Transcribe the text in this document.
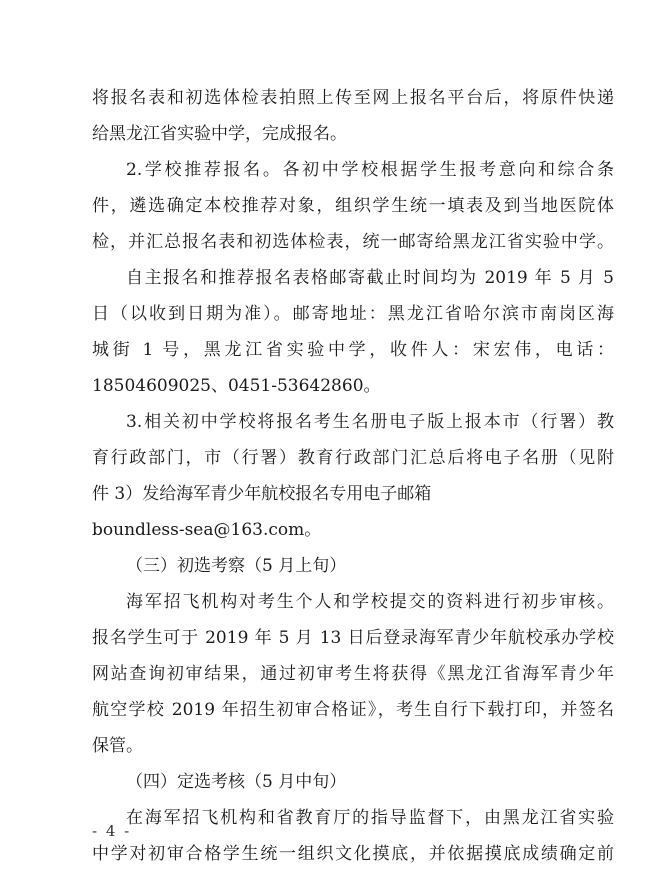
将报名表和初选体检表拍照上传至网上报名平台后，将原件快递
给黑龙江省实验中学，完成报名。
2.学校推荐报名。各初中学校根据学生报考意向和综合条
件，遴选确定本校推荐对象，组织学生统一填表及到当地医院体
检，并汇总报名表和初选体检表，统一邮寄给黑龙江省实验中学。
自主报名和推荐报名表格邮寄截止时间均为 2019 年 5 月 5
日（以收到日期为准）。邮寄地址：黑龙江省哈尔滨市南岗区海
城街 1 号，黑龙江省实验中学，收件人：宋宏伟，电话：
18504609025、0451-53642860。
3.相关初中学校将报名考生名册电子版上报本市（行署）教
育行政部门，市（行署）教育行政部门汇总后将电子名册（见附
件 3）发给海军青少年航校报名专用电子邮箱
boundless-sea@163.com。
（三）初选考察（5 月上旬）
海军招飞机构对考生个人和学校提交的资料进行初步审核。
报名学生可于 2019 年 5 月 13 日后登录海军青少年航校承办学校
网站查询初审结果，通过初审考生将获得《黑龙江省海军青少年
航空学校 2019 年招生初审合格证》，考生自行下载打印，并签名
保管。
（四）定选考核（5 月中旬）
在海军招飞机构和省教育厅的指导监督下，由黑龙江省实验
中学对初审合格学生统一组织文化摸底，并依据摸底成绩确定前
- 4 -
